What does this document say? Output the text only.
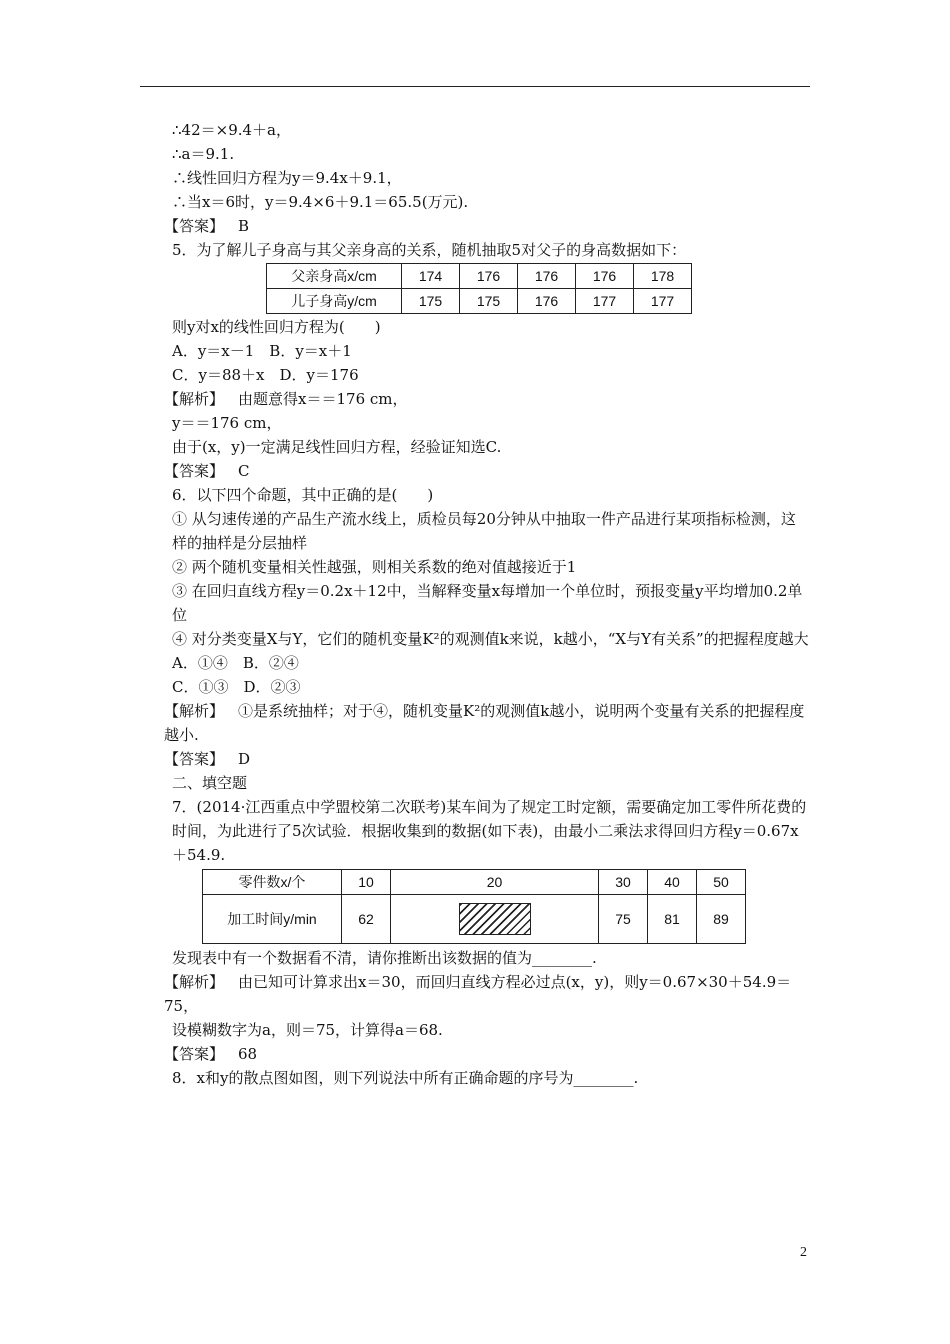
∴42＝×9.4＋a，
∴a＝9.1.
∴线性回归方程为y＝9.4x＋9.1，
∴当x＝6时，y＝9.4×6＋9.1＝65.5(万元).
【答案】 B
5．为了解儿子身高与其父亲身高的关系，随机抽取5对父子的身高数据如下：
父亲身高x/cm	174	176	176	176	178
儿子身高y/cm	175	175	176	177	177
则y对x的线性回归方程为(　　)
A．y＝x－1　B．y＝x＋1
C．y＝88＋x　D．y＝176
【解析】 由题意得x＝＝176 cm，
y＝＝176 cm，
由于(x，y)一定满足线性回归方程，经验证知选C.
【答案】 C
6．以下四个命题，其中正确的是(　　)
① 从匀速传递的产品生产流水线上，质检员每20分钟从中抽取一件产品进行某项指标检测，这样的抽样是分层抽样
② 两个随机变量相关性越强，则相关系数的绝对值越接近于1
③ 在回归直线方程y＝0.2x＋12中，当解释变量x每增加一个单位时，预报变量y平均增加0.2单位
④ 对分类变量X与Y，它们的随机变量K²的观测值k来说，k越小，“X与Y有关系”的把握程度越大
A．①④　B．②④
C．①③　D．②③
【解析】 ①是系统抽样；对于④，随机变量K²的观测值k越小，说明两个变量有关系的把握程度越小.
【答案】 D
二、填空题
7．(2014·江西重点中学盟校第二次联考)某车间为了规定工时定额，需要确定加工零件所花费的时间，为此进行了5次试验．根据收集到的数据(如下表)，由最小二乘法求得回归方程y＝0.67x＋54.9.
零件数x/个	10	20	30	40	50
加工时间y/min	62		75	81	89
发现表中有一个数据看不清，请你推断出该数据的值为________.
【解析】 由已知可计算求出x＝30，而回归直线方程必过点(x，y)，则y＝0.67×30＋54.9＝75，
设模糊数字为a，则＝75，计算得a＝68.
【答案】 68
8．x和y的散点图如图，则下列说法中所有正确命题的序号为________.
2
